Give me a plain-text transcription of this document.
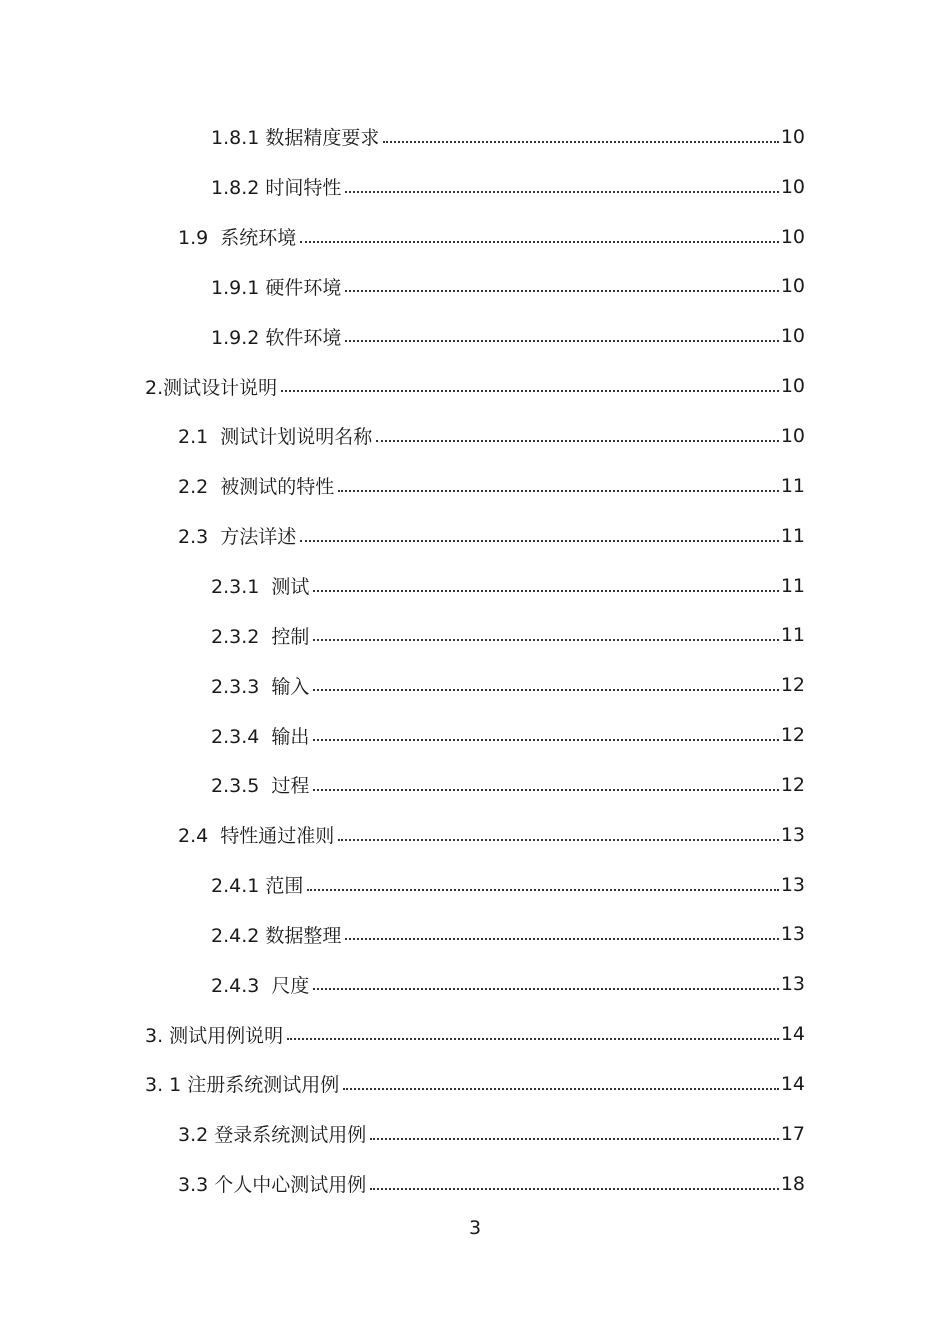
1.8.1 数据精度要求	10
1.8.2 时间特性	10
1.9  系统环境	10
1.9.1 硬件环境	10
1.9.2 软件环境	10
2.测试设计说明	10
2.1  测试计划说明名称	10
2.2  被测试的特性	11
2.3  方法详述	11
2.3.1  测试	11
2.3.2  控制	11
2.3.3  输入	12
2.3.4  输出	12
2.3.5  过程	12
2.4  特性通过准则	13
2.4.1 范围	13
2.4.2 数据整理	13
2.4.3  尺度	13
3. 测试用例说明	14
3. 1 注册系统测试用例	14
3.2 登录系统测试用例	17
3.3 个人中心测试用例	18
3
